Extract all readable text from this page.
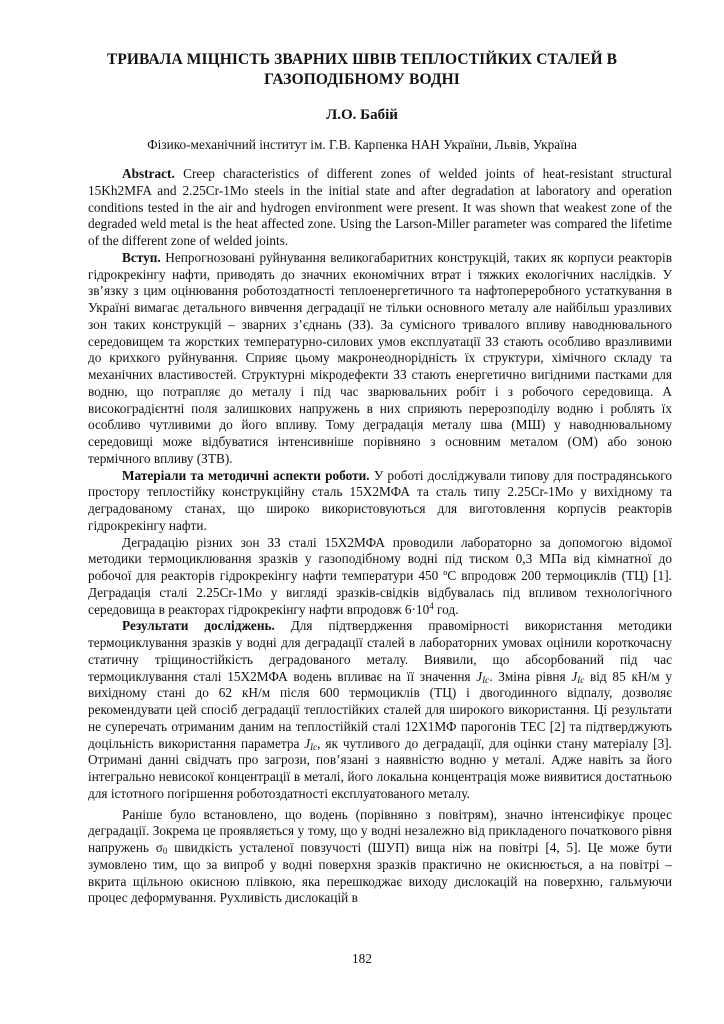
ТРИВАЛА МІЦНІСТЬ ЗВАРНИХ ШВІВ ТЕПЛОСТІЙКИХ СТАЛЕЙ В ГАЗОПОДІБНОМУ ВОДНІ
Л.О. Бабій
Фізико-механічний інститут ім. Г.В. Карпенка НАН України, Львів, Україна

Abstract. Creep characteristics of different zones of welded joints of heat-resistant structural 15Kh2MFA and 2.25Cr-1Mo steels in the initial state and after degradation at laboratory and operation conditions tested in the air and hydrogen environment were present. It was shown that weakest zone of the degraded weld metal is the heat affected zone. Using the Larson-Miller parameter was compared the lifetime of the different zone of welded joints.

Вступ. Непрогнозовані руйнування великогабаритних конструкцій, таких як корпуси реакторів гідрокрекінгу нафти, приводять до значних економічних втрат і тяжких екологічних наслідків. У зв’язку з цим оцінювання роботоздатності теплоенергетичного та нафтопереробного устаткування в Україні вимагає детального вивчення деградації не тільки основного металу але найбільш уразливих зон таких конструкцій – зварних з’єднань (ЗЗ). За сумісного тривалого впливу наводнювального середовищем та жорстких температурно-силових умов експлуатації ЗЗ стають особливо вразливими до крихкого руйнування. Сприяє цьому макронеоднорідність їх структури, хімічного складу та механічних властивостей. Структурні мікродефекти ЗЗ стають енергетично вигідними пастками для водню, що потрапляє до металу і під час зварювальних робіт і з робочого середовища. А високоградієнтні поля залишкових напружень в них сприяють перерозподілу водню і роблять їх особливо чутливими до його впливу. Тому деградація металу шва (МШ) у наводнювальному середовищі може відбуватися інтенсивніше порівняно з основним металом (ОМ) або зоною термічного впливу (ЗТВ).

Матеріали та методичні аспекти роботи. У роботі досліджували типову для пострадянського простору теплостійку конструкційну сталь 15Х2МФА та сталь типу 2.25Cr-1Mo у вихідному та деградованому станах, що широко використовуються для виготовлення корпусів реакторів гідрокрекінгу нафти.

Деградацію різних зон ЗЗ сталі 15Х2МФА проводили лабораторно за допомогою відомої методики термоциклювання зразків у газоподібному водні під тиском 0,3 МПа від кімнатної до робочої для реакторів гідрокрекінгу нафти температури 450 ºС впродовж 200 термоциклів (ТЦ) [1]. Деградація сталі 2.25Cr-1Mo у вигляді зразків-свідків відбувалась під впливом технологічного середовища в реакторах гідрокрекінгу нафти впродовж $6\cdot 10^4$ год.

Результати досліджень. Для підтвердження правомірності використання методики термоциклування зразків у водні для деградації сталей в лабораторних умовах оцінили короткочасну статичну тріщиностійкість деградованого металу. Виявили, що абсорбований під час термоциклування сталі 15Х2МФА водень впливає на її значення $J_{Ic}$. Зміна рівня $J_{Ic}$ від 85 кН/м у вихідному стані до 62 кН/м після 600 термоциклів (ТЦ) і двогодинного відпалу, дозволяє рекомендувати цей спосіб деградації теплостійких сталей для широкого використання. Ці результати не суперечать отриманим даним на теплостійкій сталі 12Х1МФ парогонів ТЕС [2] та підтверджують доцільність використання параметра $J_{Ic}$, як чутливого до деградації, для оцінки стану матеріалу [3]. Отримані данні свідчать про загрози, пов’язані з наявністю водню у металі. Адже навіть за його інтегрально невисокої концентрації в металі, його локальна концентрація може виявитися достатньою для істотного погіршення роботоздатності експлуатованого металу.

Раніше було встановлено, що водень (порівняно з повітрям), значно інтенсифікує процес деградації. Зокрема це проявляється у тому, що у водні незалежно від прикладеного початкового рівня напружень $\sigma_0$ швидкість усталеної повзучості (ШУП) вища ніж на повітрі [4, 5]. Це може бути зумовлено тим, що за випроб у водні поверхня зразків практично не окиснюється, а на повітрі – вкрита щільною окисною плівкою, яка перешкоджає виходу дислокацій на поверхню, гальмуючи процес деформування. Рухливість дислокацій в

182
